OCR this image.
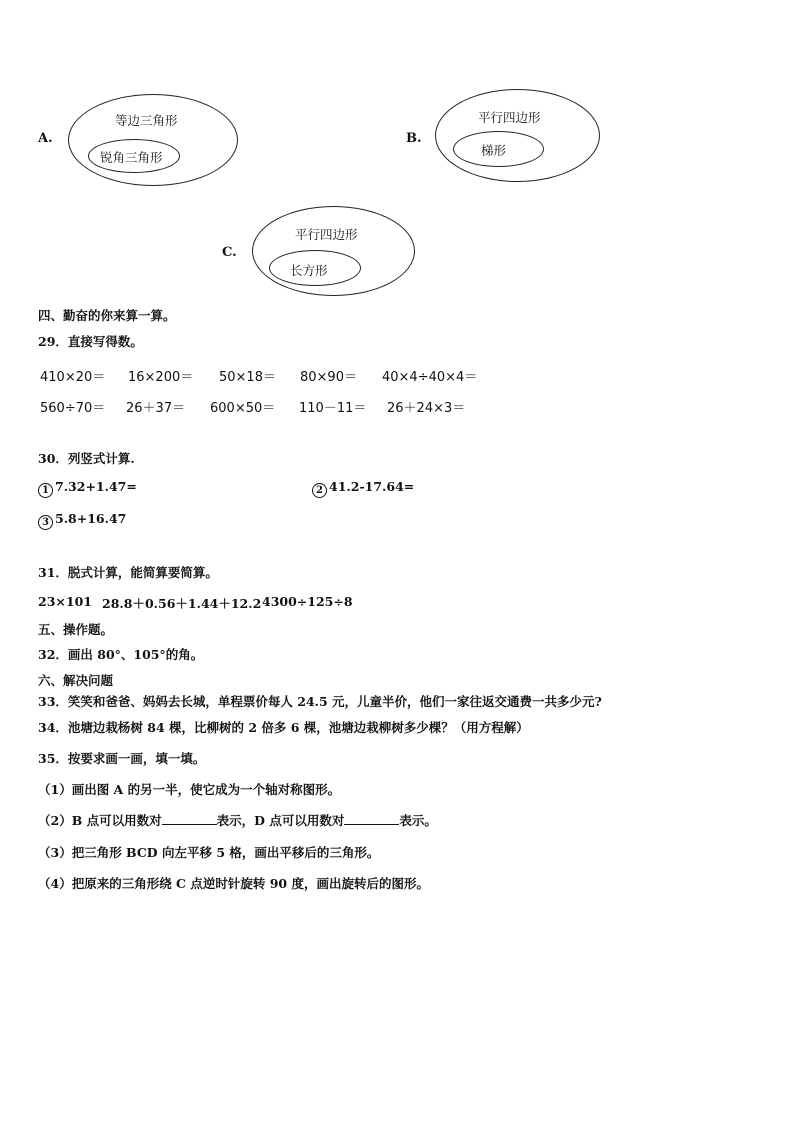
A.
等边三角形
锐角三角形
B.
平行四边形
梯形
C.
平行四边形
长方形
四、勤奋的你来算一算。
29．直接写得数。
410×20＝ 16×200＝ 50×18＝ 80×90＝ 40×4÷40×4＝
560÷70＝ 26＋37＝ 600×50＝ 110－11＝ 26＋24×3＝
30．列竖式计算.
1 7.32+1.47=	2 41.2-17.64=
3 5.8+16.47
31．脱式计算，能简算要简算。
23×101 28.8＋0.56＋1.44＋12.2 4300÷125÷8
五、操作题。
32．画出 80°、105°的角。
六、解决问题
33．笑笑和爸爸、妈妈去长城，单程票价每人 24.5 元，儿童半价，他们一家往返交通费一共多少元?
34．池塘边栽杨树 84 棵，比柳树的 2 倍多 6 棵，池塘边栽柳树多少棵？（用方程解）
35．按要求画一画，填一填。
（1）画出图 A 的另一半，使它成为一个轴对称图形。
（2）B 点可以用数对	表示，D 点可以用数对	表示。
（3）把三角形 BCD 向左平移 5 格，画出平移后的三角形。
（4）把原来的三角形绕 C 点逆时针旋转 90 度，画出旋转后的图形。
